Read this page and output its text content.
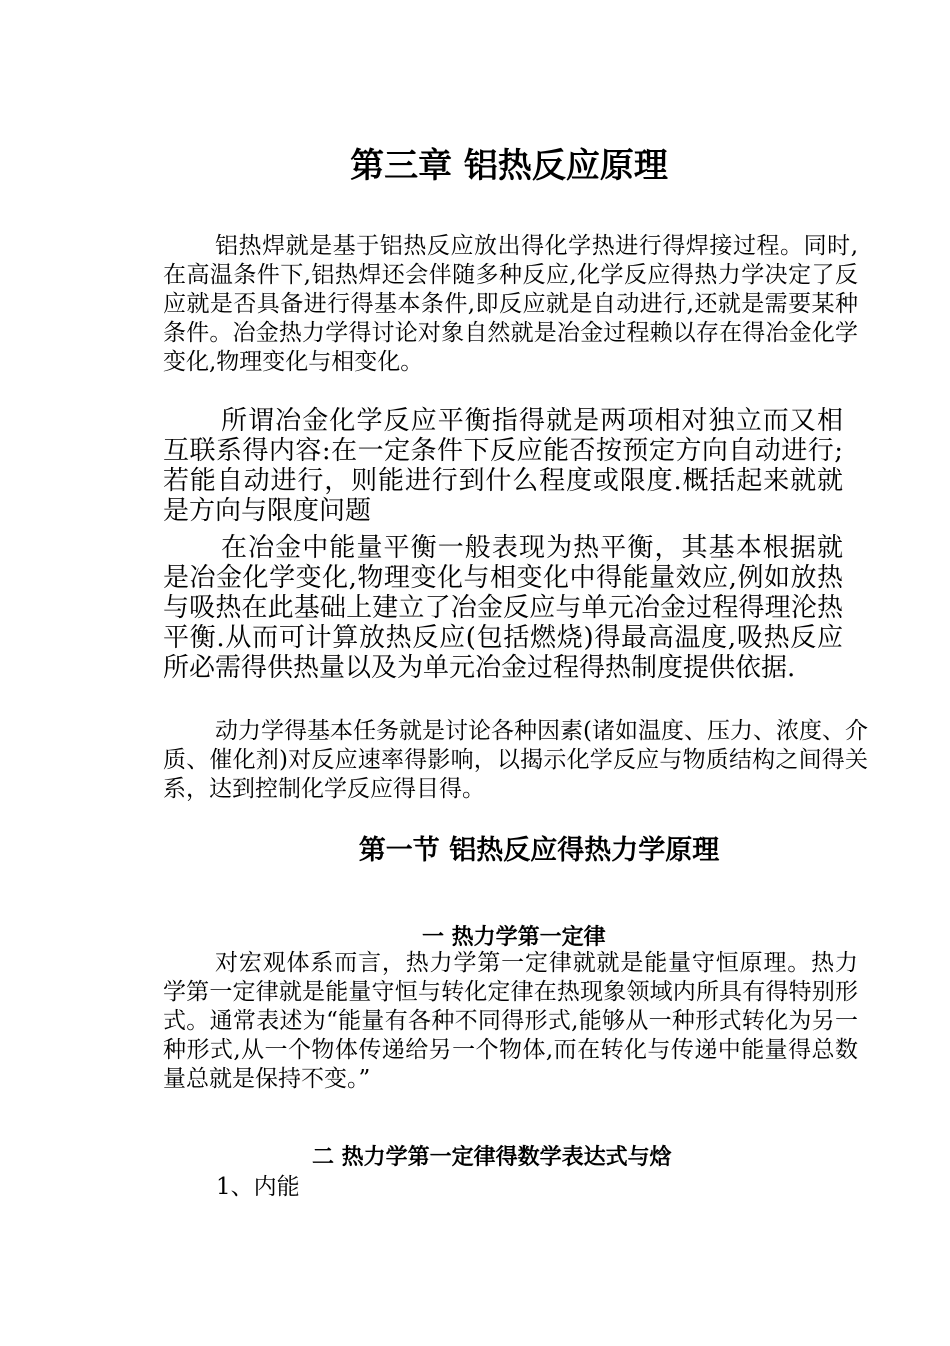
第三章 铝热反应原理

铝热焊就是基于铝热反应放出得化学热进行得焊接过程。同时,在高温条件下,铝热焊还会伴随多种反应,化学反应得热力学决定了反应就是否具备进行得基本条件,即反应就是自动进行,还就是需要某种条件。冶金热力学得讨论对象自然就是冶金过程赖以存在得冶金化学变化,物理变化与相变化。

所谓冶金化学反应平衡指得就是两项相对独立而又相互联系得内容:在一定条件下反应能否按预定方向自动进行;若能自动进行，则能进行到什么程度或限度.概括起来就就是方向与限度问题

在冶金中能量平衡一般表现为热平衡，其基本根据就是冶金化学变化,物理变化与相变化中得能量效应,例如放热与吸热在此基础上建立了冶金反应与单元冶金过程得理沦热平衡.从而可计算放热反应(包括燃烧)得最高温度,吸热反应所必需得供热量以及为单元冶金过程得热制度提供依据.

动力学得基本任务就是讨论各种因素(诸如温度、压力、浓度、介质、催化剂)对反应速率得影响，以揭示化学反应与物质结构之间得关系，达到控制化学反应得目得。

第一节 铝热反应得热力学原理
一 热力学第一定律

对宏观体系而言，热力学第一定律就就是能量守恒原理。热力学第一定律就是能量守恒与转化定律在热现象领域内所具有得特别形式。通常表述为“能量有各种不同得形式,能够从一种形式转化为另一种形式,从一个物体传递给另一个物体,而在转化与传递中能量得总数量总就是保持不变。”

二 热力学第一定律得数学表达式与焓

1、内能
